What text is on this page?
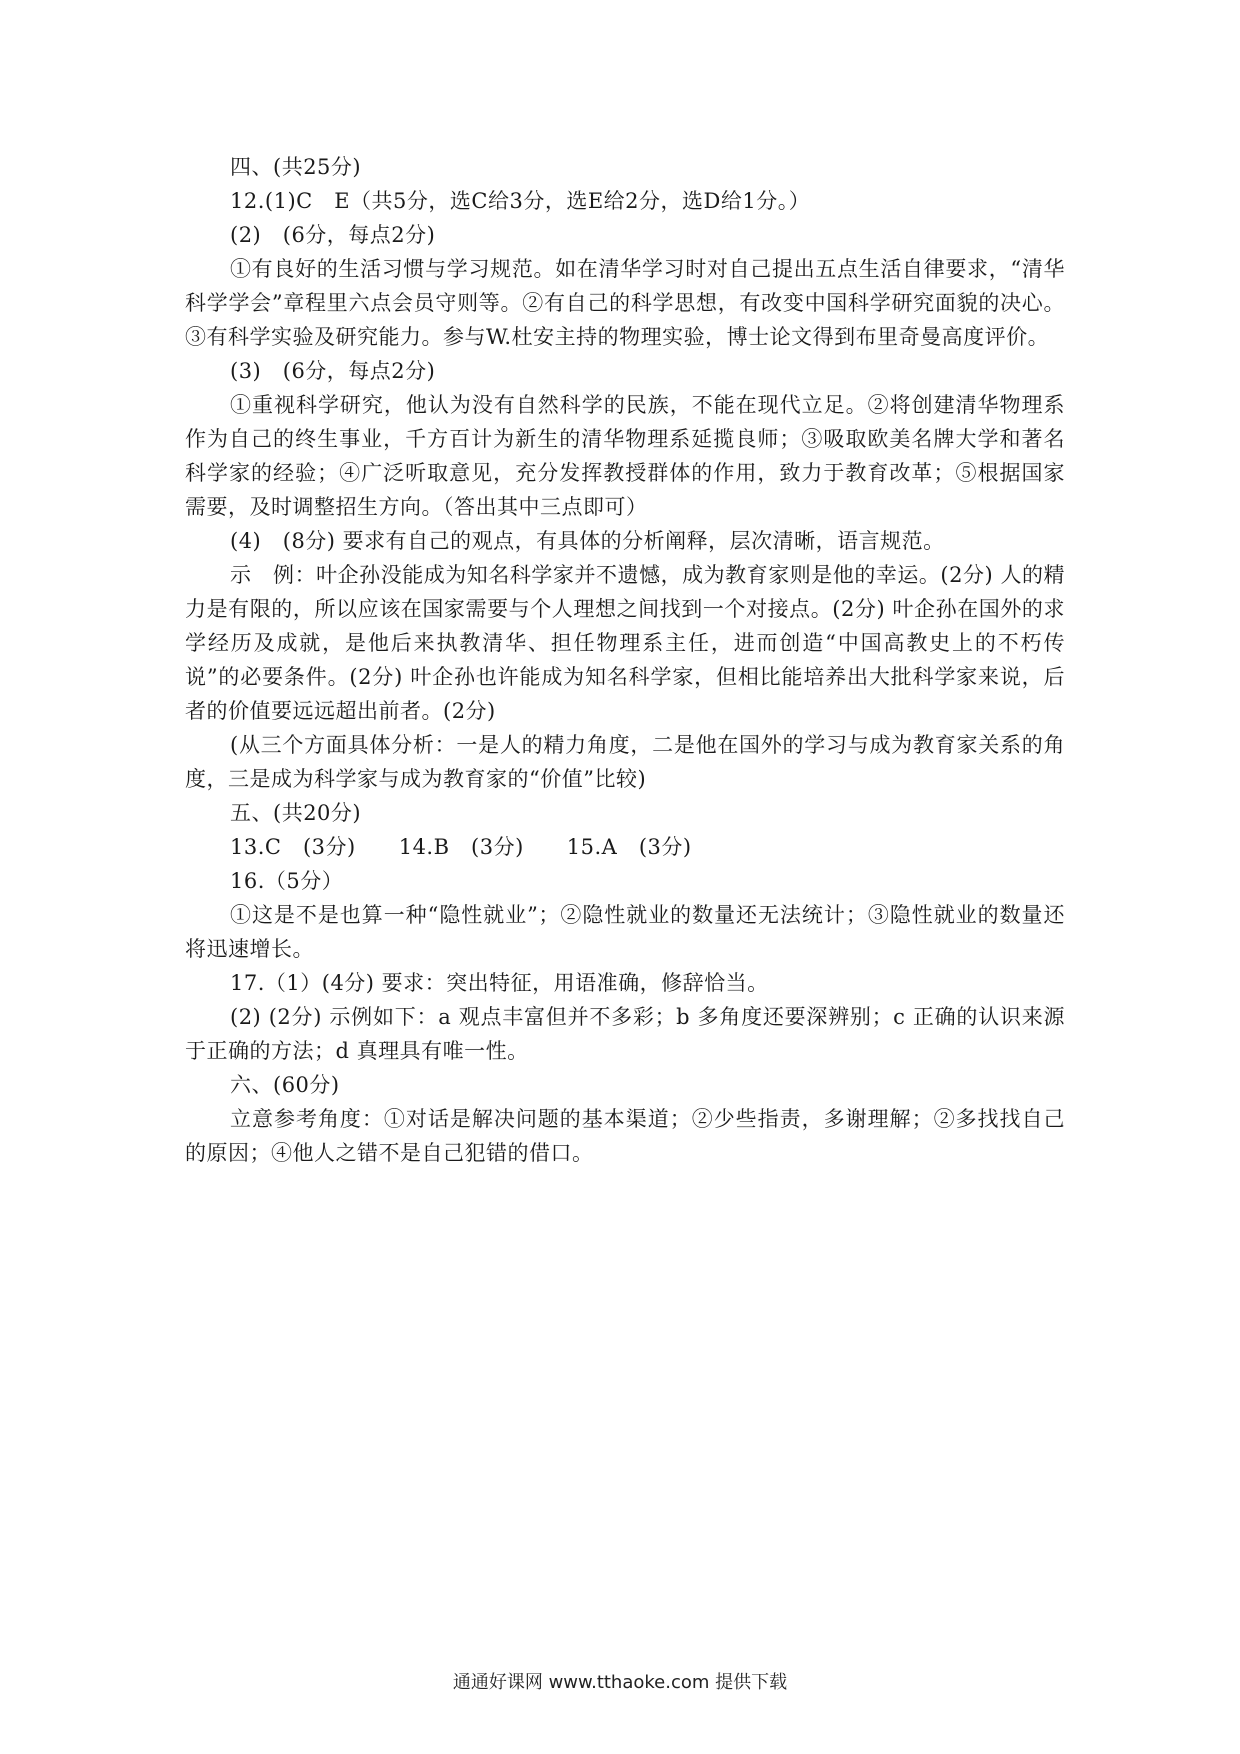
四、(共25分)

12.(1)C　E（共5分，选C给3分，选E给2分，选D给1分。）

(2)　(6分，每点2分)

①有良好的生活习惯与学习规范。如在清华学习时对自己提出五点生活自律要求，“清华科学学会”章程里六点会员守则等。②有自己的科学思想，有改变中国科学研究面貌的决心。③有科学实验及研究能力。参与W.杜安主持的物理实验，博士论文得到布里奇曼高度评价。

(3)　(6分，每点2分)

①重视科学研究，他认为没有自然科学的民族，不能在现代立足。②将创建清华物理系作为自己的终生事业，千方百计为新生的清华物理系延揽良师；③吸取欧美名牌大学和著名科学家的经验；④广泛听取意见，充分发挥教授群体的作用，致力于教育改革；⑤根据国家需要，及时调整招生方向。（答出其中三点即可）

(4)　(8分) 要求有自己的观点，有具体的分析阐释，层次清晰，语言规范。

示　例：叶企孙没能成为知名科学家并不遗憾，成为教育家则是他的幸运。(2分) 人的精力是有限的，所以应该在国家需要与个人理想之间找到一个对接点。(2分) 叶企孙在国外的求学经历及成就，是他后来执教清华、担任物理系主任，进而创造“中国高教史上的不朽传说”的必要条件。(2分) 叶企孙也许能成为知名科学家，但相比能培养出大批科学家来说，后者的价值要远远超出前者。(2分)

(从三个方面具体分析：一是人的精力角度，二是他在国外的学习与成为教育家关系的角度，三是成为科学家与成为教育家的“价值”比较)

五、(共20分)

13.C　(3分)　　14.B　(3分)　　15.A　(3分)

16.（5分）

①这是不是也算一种“隐性就业”；②隐性就业的数量还无法统计；③隐性就业的数量还将迅速增长。

17.（1）(4分) 要求：突出特征，用语准确，修辞恰当。

(2) (2分) 示例如下：a 观点丰富但并不多彩；b 多角度还要深辨别；c 正确的认识来源于正确的方法；d 真理具有唯一性。

六、(60分)

立意参考角度：①对话是解决问题的基本渠道；②少些指责，多谢理解；②多找找自己的原因；④他人之错不是自己犯错的借口。

通通好课网 www.tthaoke.com 提供下载
